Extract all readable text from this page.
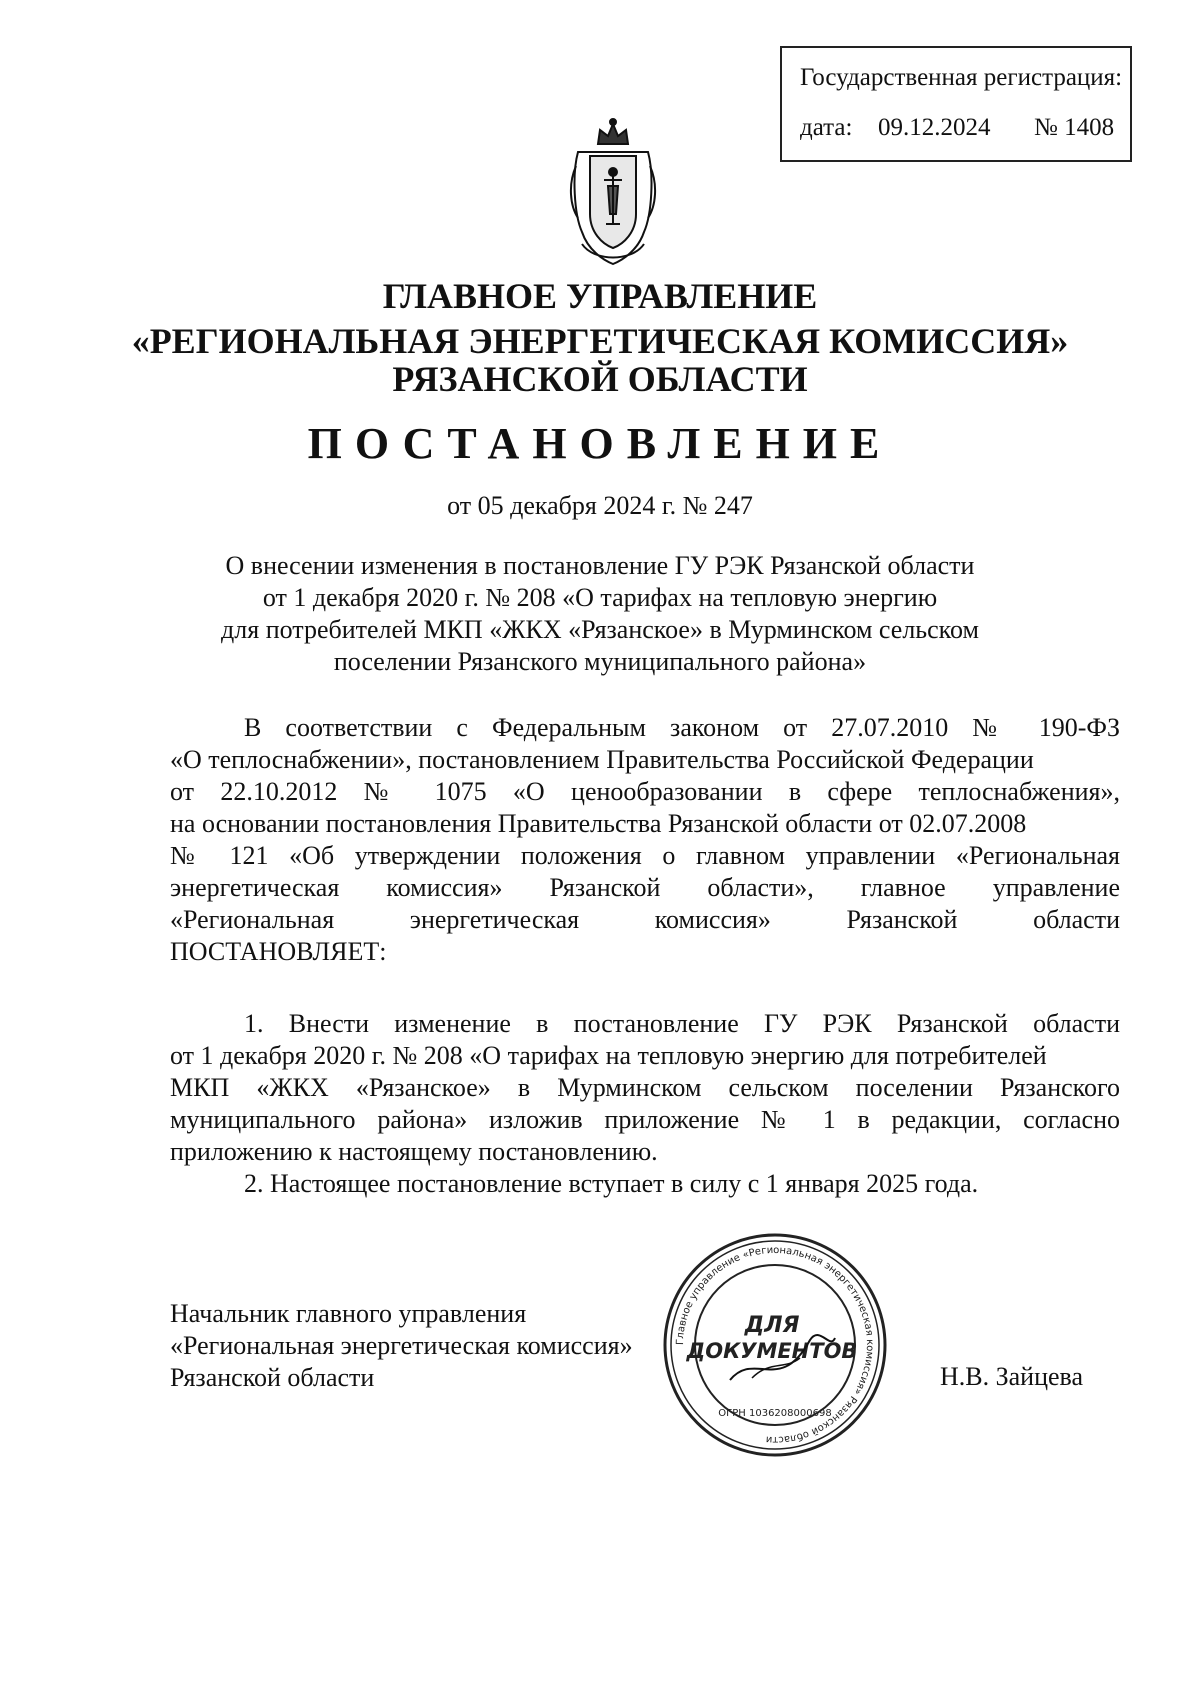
Государственная регистрация:
дата: 09.12.2024 № 1408
ГЛАВНОЕ УПРАВЛЕНИЕ
«РЕГИОНАЛЬНАЯ ЭНЕРГЕТИЧЕСКАЯ КОМИССИЯ»
РЯЗАНСКОЙ ОБЛАСТИ
ПОСТАНОВЛЕНИЕ
от 05 декабря 2024 г. № 247
О внесении изменения в постановление ГУ РЭК Рязанской области
от 1 декабря 2020 г. № 208 «О тарифах на тепловую энергию
для потребителей МКП «ЖКХ «Рязанское» в Мурминском сельском
поселении Рязанского муниципального района»
В соответствии с Федеральным законом от 27.07.2010 № 190-ФЗ
«О теплоснабжении», постановлением Правительства Российской Федерации
от 22.10.2012 № 1075 «О ценообразовании в сфере теплоснабжения»,
на основании постановления Правительства Рязанской области от 02.07.2008
№ 121 «Об утверждении положения о главном управлении «Региональная
энергетическая комиссия» Рязанской области», главное управление
«Региональная энергетическая комиссия» Рязанской области
ПОСТАНОВЛЯЕТ:
1. Внести изменение в постановление ГУ РЭК Рязанской области
от 1 декабря 2020 г. № 208 «О тарифах на тепловую энергию для потребителей
МКП «ЖКХ «Рязанское» в Мурминском сельском поселении Рязанского
муниципального района» изложив приложение № 1 в редакции, согласно
приложению к настоящему постановлению.
2. Настоящее постановление вступает в силу с 1 января 2025 года.
Начальник главного управления
«Региональная энергетическая комиссия»
Рязанской области	Н.В. Зайцева
Главное управление «Региональная энергетическая комиссия» Рязанской области
ДЛЯ
ДОКУМЕНТОВ
ОГРН 1036208000698
